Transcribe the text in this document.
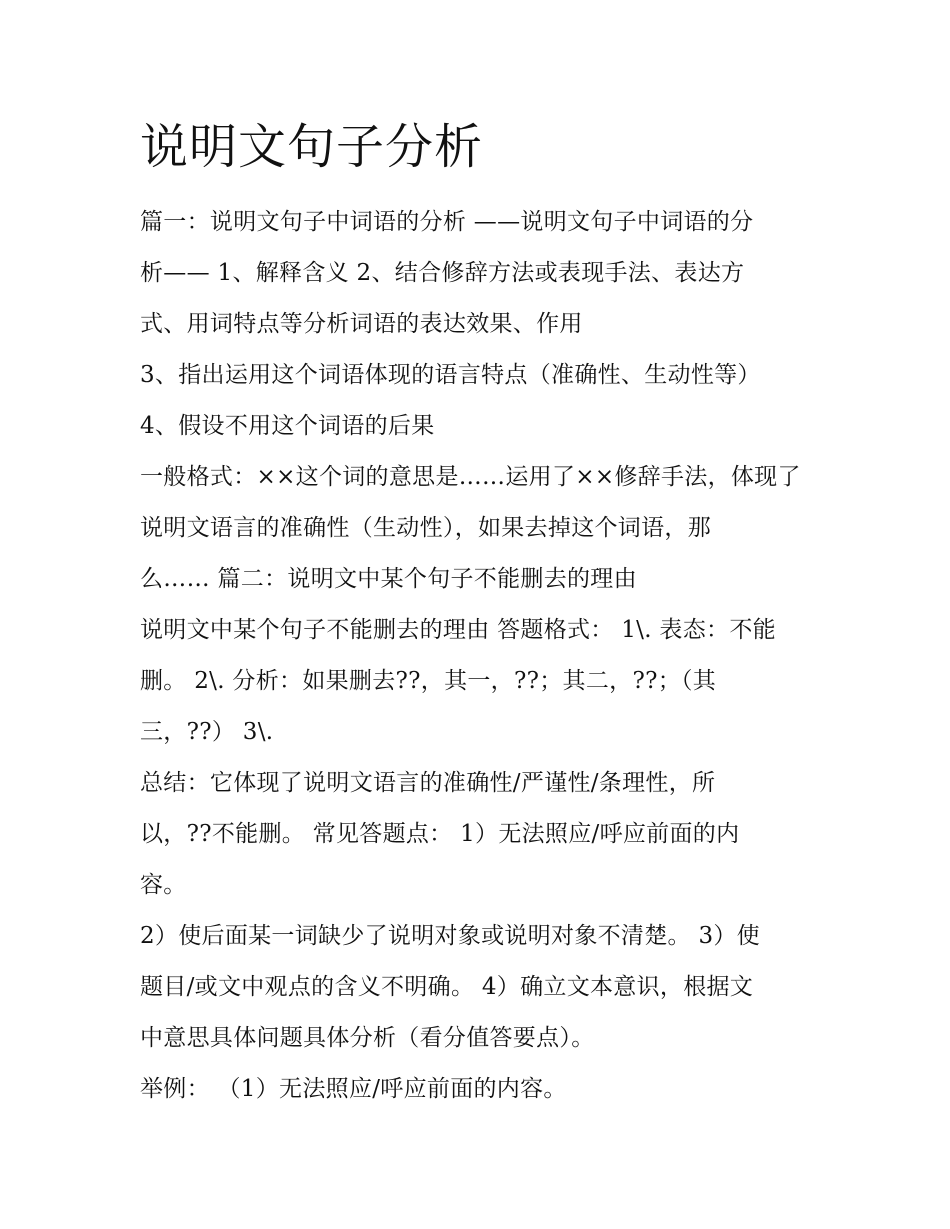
说明文句子分析
篇一：说明文句子中词语的分析 ——说明文句子中词语的分
析—— 1、解释含义 2、结合修辞方法或表现手法、表达方
式、用词特点等分析词语的表达效果、作用
3、指出运用这个词语体现的语言特点（准确性、生动性等）
4、假设不用这个词语的后果
一般格式：××这个词的意思是……运用了××修辞手法，体现了
说明文语言的准确性（生动性），如果去掉这个词语，那
么…… 篇二：说明文中某个句子不能删去的理由
说明文中某个句子不能删去的理由 答题格式： 1\. 表态：不能
删。 2\. 分析：如果删去??，其一，??；其二，??；（其
三，??） 3\.
总结：它体现了说明文语言的准确性/严谨性/条理性，所
以，??不能删。 常见答题点： 1）无法照应/呼应前面的内
容。
2）使后面某一词缺少了说明对象或说明对象不清楚。 3）使
题目/或文中观点的含义不明确。 4）确立文本意识，根据文
中意思具体问题具体分析（看分值答要点）。
举例： （1）无法照应/呼应前面的内容。
